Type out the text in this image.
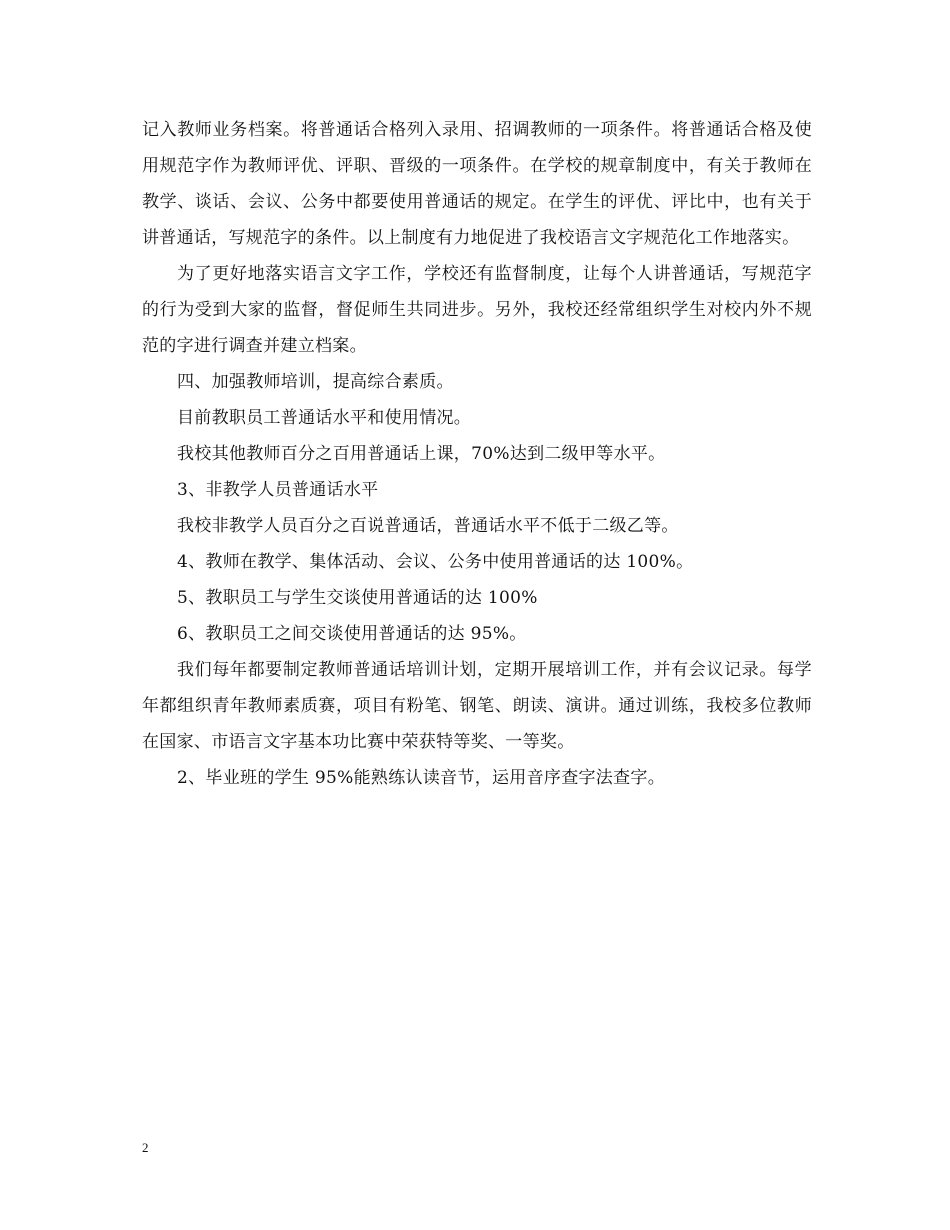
记入教师业务档案。将普通话合格列入录用、招调教师的一项条件。将普通话合格及使用规范字作为教师评优、评职、晋级的一项条件。在学校的规章制度中，有关于教师在教学、谈话、会议、公务中都要使用普通话的规定。在学生的评优、评比中，也有关于讲普通话，写规范字的条件。以上制度有力地促进了我校语言文字规范化工作地落实。

为了更好地落实语言文字工作，学校还有监督制度，让每个人讲普通话，写规范字的行为受到大家的监督，督促师生共同进步。另外，我校还经常组织学生对校内外不规范的字进行调查并建立档案。

四、加强教师培训，提高综合素质。

目前教职员工普通话水平和使用情况。

我校其他教师百分之百用普通话上课，70%达到二级甲等水平。

3、非教学人员普通话水平

我校非教学人员百分之百说普通话，普通话水平不低于二级乙等。

4、教师在教学、集体活动、会议、公务中使用普通话的达 100%。

5、教职员工与学生交谈使用普通话的达 100%

6、教职员工之间交谈使用普通话的达 95%。

我们每年都要制定教师普通话培训计划，定期开展培训工作，并有会议记录。每学年都组织青年教师素质赛，项目有粉笔、钢笔、朗读、演讲。通过训练，我校多位教师在国家、市语言文字基本功比赛中荣获特等奖、一等奖。

2、毕业班的学生 95%能熟练认读音节，运用音序查字法查字。

2
